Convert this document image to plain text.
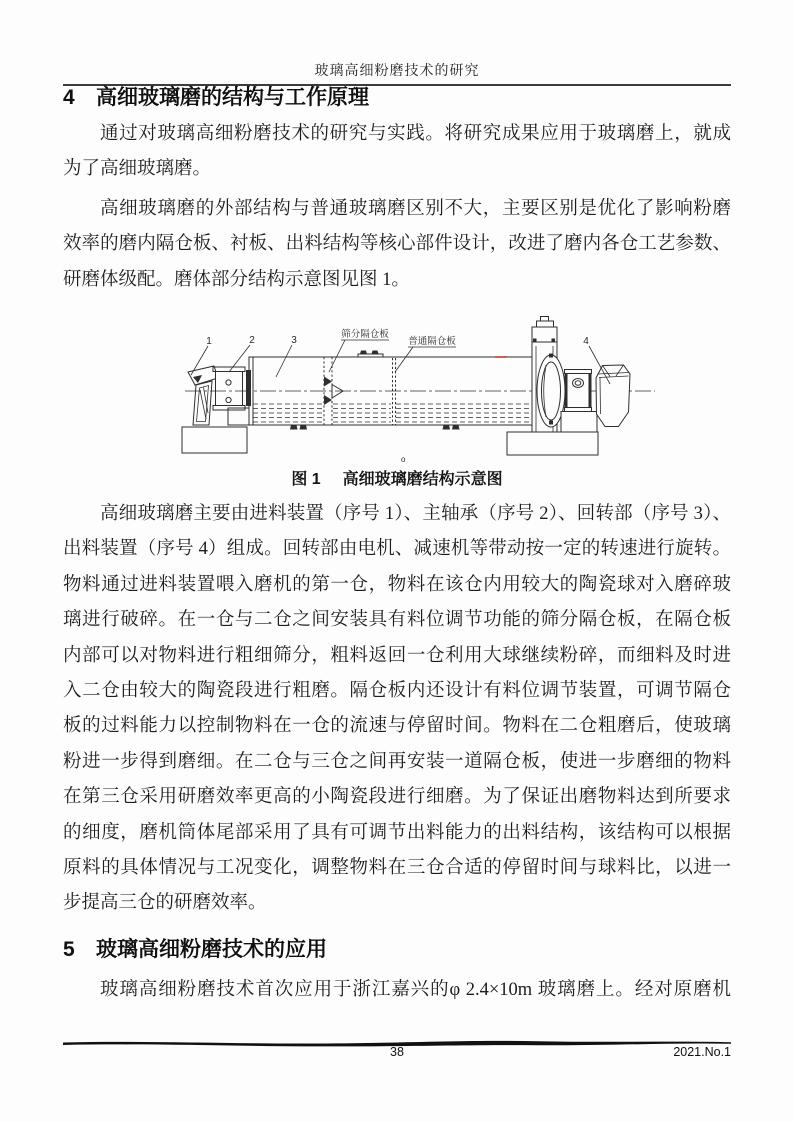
玻璃高细粉磨技术的研究
4	高细玻璃磨的结构与工作原理
通过对玻璃高细粉磨技术的研究与实践。将研究成果应用于玻璃磨上，就成
为了高细玻璃磨。
高细玻璃磨的外部结构与普通玻璃磨区别不大，主要区别是优化了影响粉磨
效率的磨内隔仓板、衬板、出料结构等核心部件设计，改进了磨内各仓工艺参数、
研磨体级配。磨体部分结构示意图见图 1。
1	2	3	4
筛分隔仓板
普通隔仓板
o
图 1 高细玻璃磨结构示意图
高细玻璃磨主要由进料装置（序号 1）、主轴承（序号 2）、回转部（序号 3）、
出料装置（序号 4）组成。回转部由电机、减速机等带动按一定的转速进行旋转。
物料通过进料装置喂入磨机的第一仓，物料在该仓内用较大的陶瓷球对入磨碎玻
璃进行破碎。在一仓与二仓之间安装具有料位调节功能的筛分隔仓板，在隔仓板
内部可以对物料进行粗细筛分，粗料返回一仓利用大球继续粉碎，而细料及时进
入二仓由较大的陶瓷段进行粗磨。隔仓板内还设计有料位调节装置，可调节隔仓
板的过料能力以控制物料在一仓的流速与停留时间。物料在二仓粗磨后，使玻璃
粉进一步得到磨细。在二仓与三仓之间再安装一道隔仓板，使进一步磨细的物料
在第三仓采用研磨效率更高的小陶瓷段进行细磨。为了保证出磨物料达到所要求
的细度，磨机筒体尾部采用了具有可调节出料能力的出料结构，该结构可以根据
原料的具体情况与工况变化，调整物料在三仓合适的停留时间与球料比，以进一
步提高三仓的研磨效率。
5	玻璃高细粉磨技术的应用
玻璃高细粉磨技术首次应用于浙江嘉兴的φ 2.4×10m 玻璃磨上。经对原磨机
38	2021.No.1
